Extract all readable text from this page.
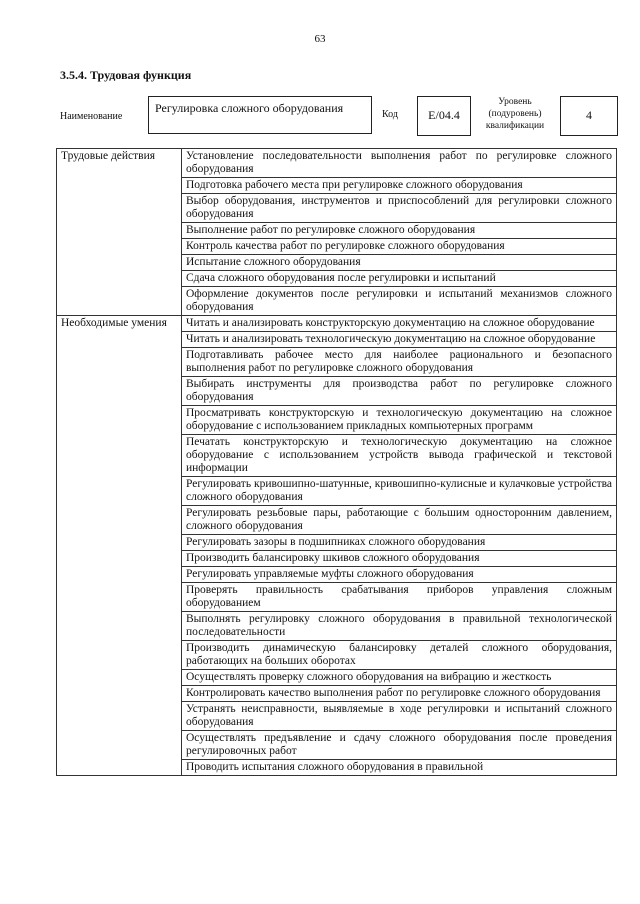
63
3.5.4. Трудовая функция
Наименование
Регулировка сложного оборудования	Код	E/04.4
Уровень (подуровень) квалификации
4
Трудовые действия	Установление последовательности выполнения работ по регулировке сложного оборудования
	Подготовка рабочего места при регулировке сложного оборудования
	Выбор оборудования, инструментов и приспособлений для регулировки сложного оборудования
	Выполнение работ по регулировке сложного оборудования
	Контроль качества работ по регулировке сложного оборудования
	Испытание сложного оборудования
	Сдача сложного оборудования после регулировки и испытаний
	Оформление документов после регулировки и испытаний механизмов сложного оборудования
Необходимые умения	Читать и анализировать конструкторскую документацию на сложное оборудование
	Читать и анализировать технологическую документацию на сложное оборудование
	Подготавливать рабочее место для наиболее рационального и безопасного выполнения работ по регулировке сложного оборудования
	Выбирать инструменты для производства работ по регулировке сложного оборудования
	Просматривать конструкторскую и технологическую документацию на сложное оборудование с использованием прикладных компьютерных программ
	Печатать конструкторскую и технологическую документацию на сложное оборудование с использованием устройств вывода графической и текстовой информации
	Регулировать кривошипно-шатунные, кривошипно-кулисные и кулачковые устройства сложного оборудования
	Регулировать резьбовые пары, работающие с большим односторонним давлением, сложного оборудования
	Регулировать зазоры в подшипниках сложного оборудования
	Производить балансировку шкивов сложного оборудования
	Регулировать управляемые муфты сложного оборудования
	Проверять правильность срабатывания приборов управления сложным оборудованием
	Выполнять регулировку сложного оборудования в правильной технологической последовательности
	Производить динамическую балансировку деталей сложного оборудования, работающих на больших оборотах
	Осуществлять проверку сложного оборудования на вибрацию и жесткость
	Контролировать качество выполнения работ по регулировке сложного оборудования
	Устранять неисправности, выявляемые в ходе регулировки и испытаний сложного оборудования
	Осуществлять предъявление и сдачу сложного оборудования после проведения регулировочных работ
	Проводить испытания сложного оборудования в правильной
